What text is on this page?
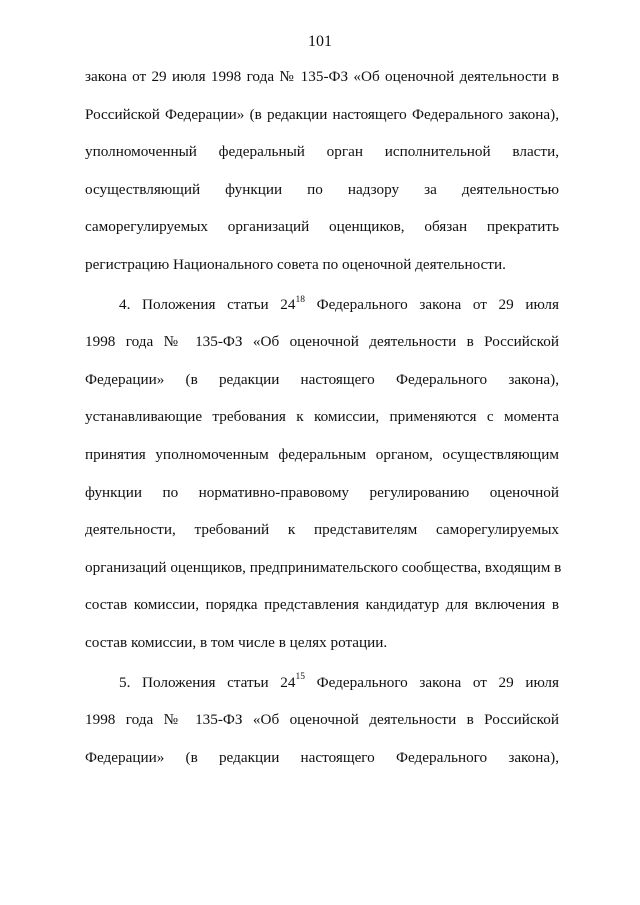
101
закона от 29 июля 1998 года № 135-ФЗ «Об оценочной деятельности в
Российской Федерации» (в редакции настоящего Федерального закона),
уполномоченный федеральный орган исполнительной власти,
осуществляющий функции по надзору за деятельностью
саморегулируемых организаций оценщиков, обязан прекратить
регистрацию Национального совета по оценочной деятельности.
4. Положения статьи $24^{18}$ Федерального закона от 29 июля
1998 года № 135-ФЗ «Об оценочной деятельности в Российской
Федерации» (в редакции настоящего Федерального закона),
устанавливающие требования к комиссии, применяются с момента
принятия уполномоченным федеральным органом, осуществляющим
функции по нормативно-правовому регулированию оценочной
деятельности, требований к представителям саморегулируемых
организаций оценщиков, предпринимательского сообщества, входящим в
состав комиссии, порядка представления кандидатур для включения в
состав комиссии, в том числе в целях ротации.
5. Положения статьи $24^{15}$ Федерального закона от 29 июля
1998 года № 135-ФЗ «Об оценочной деятельности в Российской
Федерации» (в редакции настоящего Федерального закона),
